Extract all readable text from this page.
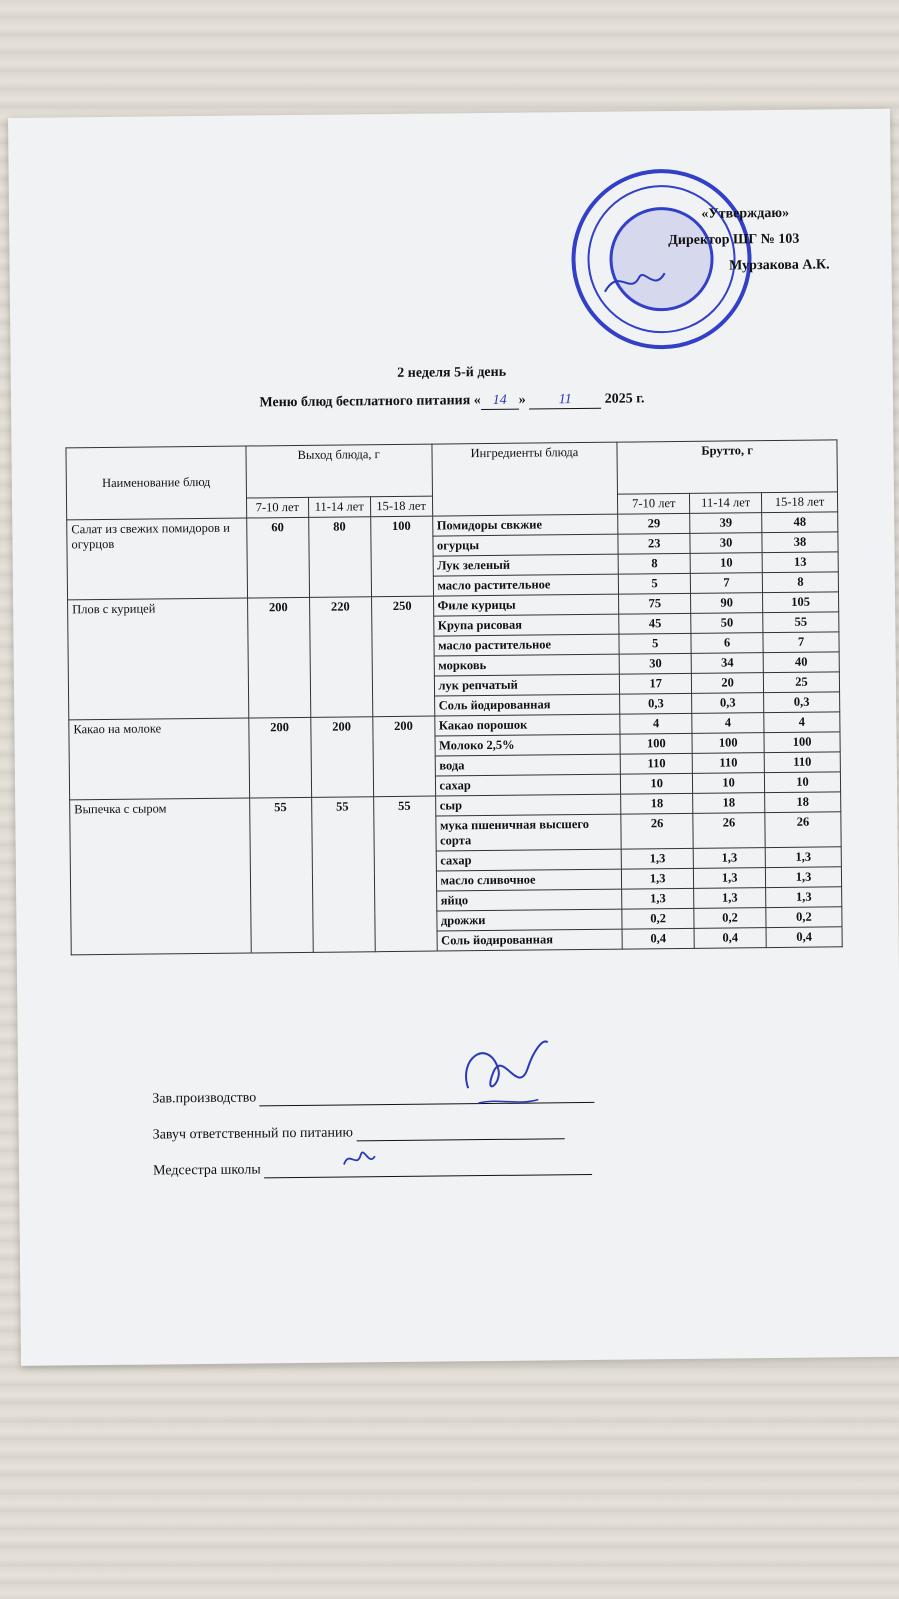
«Утверждаю»
Директор ШГ № 103
Мурзакова А.К.
2 неделя 5-й день
Меню блюд бесплатного питания « 14 » 11 2025 г.
Наименование блюд	Выход блюда, г			Ингредиенты блюда	Брутто, г		
	7-10 лет	11-14 лет	15-18 лет		7-10 лет	11-14 лет	15-18 лет
Салат из свежих помидоров и огурцов	60	80	100	Помидоры свкжие	29	39	48
				огурцы	23	30	38
				Лук зеленый	8	10	13
				масло растительное	5	7	8
Плов с курицей	200	220	250	Филе курицы	75	90	105
				Крупа рисовая	45	50	55
				масло растительное	5	6	7
				морковь	30	34	40
				лук репчатый	17	20	25
				Соль йодированная	0,3	0,3	0,3
Какао на молоке	200	200	200	Какао порошок	4	4	4
				Молоко 2,5%	100	100	100
				вода	110	110	110
				сахар	10	10	10
Выпечка с сыром	55	55	55	сыр	18	18	18
				мука пшеничная высшего сорта	26	26	26
				сахар	1,3	1,3	1,3
				масло сливочное	1,3	1,3	1,3
				яйцо	1,3	1,3	1,3
				дрожжи	0,2	0,2	0,2
				Соль йодированная	0,4	0,4	0,4
Зав.производство
Завуч ответственный по питанию
Медсестра школы
